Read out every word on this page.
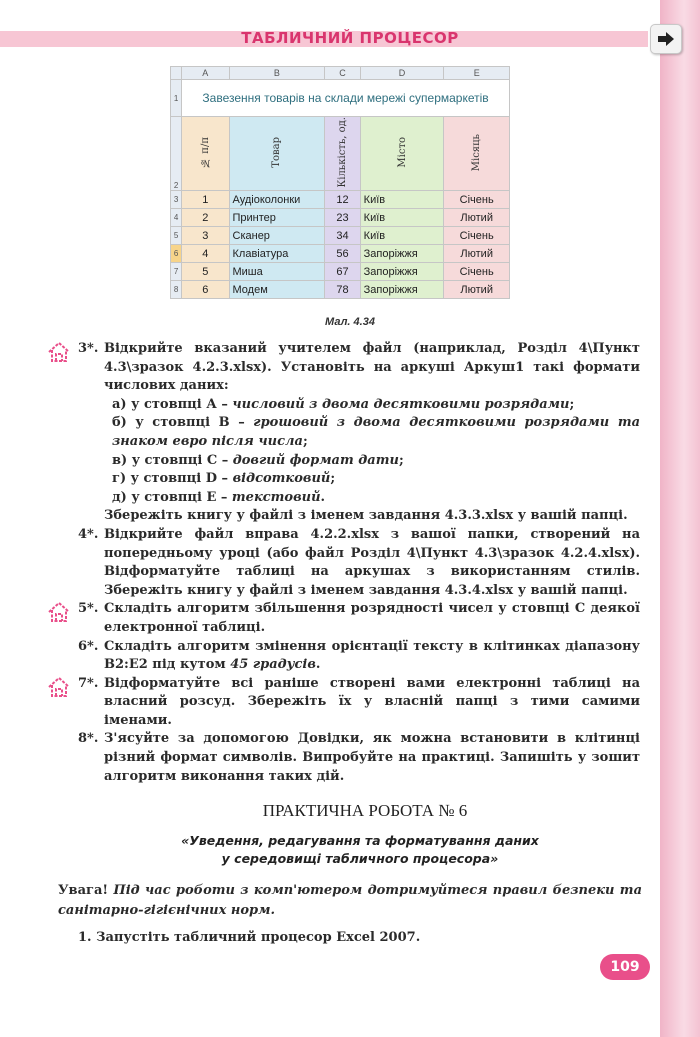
ТАБЛИЧНИЙ ПРОЦЕСОР
	A	B	C	D	E
1	Завезення товарів на склади мережі супермаркетів				
2	№ п/п	Товар	Кількість, од.	Місто	Місяць
3	1	Аудіоколонки	12	Київ	Січень
4	2	Принтер	23	Київ	Лютий
5	3	Сканер	34	Київ	Січень
6	4	Клавіатура	56	Запоріжжя	Лютий
7	5	Миша	67	Запоріжжя	Січень
8	6	Модем	78	Запоріжжя	Лютий
Мал. 4.34
3*. Відкрийте вказаний учителем файл (наприклад, Розділ 4\Пункт 4.3\зразок 4.2.3.xlsx). Установіть на аркуші Аркуш1 такі формати числових даних:
а) у стовпці А – числовий з двома десятковими розрядами;
б) у стовпці В – грошовий з двома десятковими розрядами та знаком евро після числа;
в) у стовпці С – довгий формат дати;
г) у стовпці D – відсотковий;
д) у стовпці Е – текстовий.
Збережіть книгу у файлі з іменем завдання 4.3.3.xlsx у вашій папці.
4*. Відкрийте файл вправа 4.2.2.xlsx з вашої папки, створений на попередньому уроці (або файл Розділ 4\Пункт 4.3\зразок 4.2.4.xlsx). Відформатуйте таблиці на аркушах з використанням стилів. Збережіть книгу у файлі з іменем завдання 4.3.4.xlsx у вашій папці.
5*. Складіть алгоритм збільшення розрядності чисел у стовпці С деякої електронної таблиці.
6*. Складіть алгоритм змінення орієнтації тексту в клітинках діапазону В2:Е2 під кутом 45 градусів.
7*. Відформатуйте всі раніше створені вами електронні таблиці на власний розсуд. Збережіть їх у власній папці з тими самими іменами.
8*. З'ясуйте за допомогою Довідки, як можна встановити в клітинці різний формат символів. Випробуйте на практиці. Запишіть у зошит алгоритм виконання таких дій.
ПРАКТИЧНА РОБОТА № 6
«Уведення, редагування та форматування даних
у середовищі табличного процесора»
Увага! Під час роботи з комп'ютером дотримуйтеся правил безпеки та санітарно-гігієнічних норм.
1. Запустіть табличний процесор Excel 2007.
109
